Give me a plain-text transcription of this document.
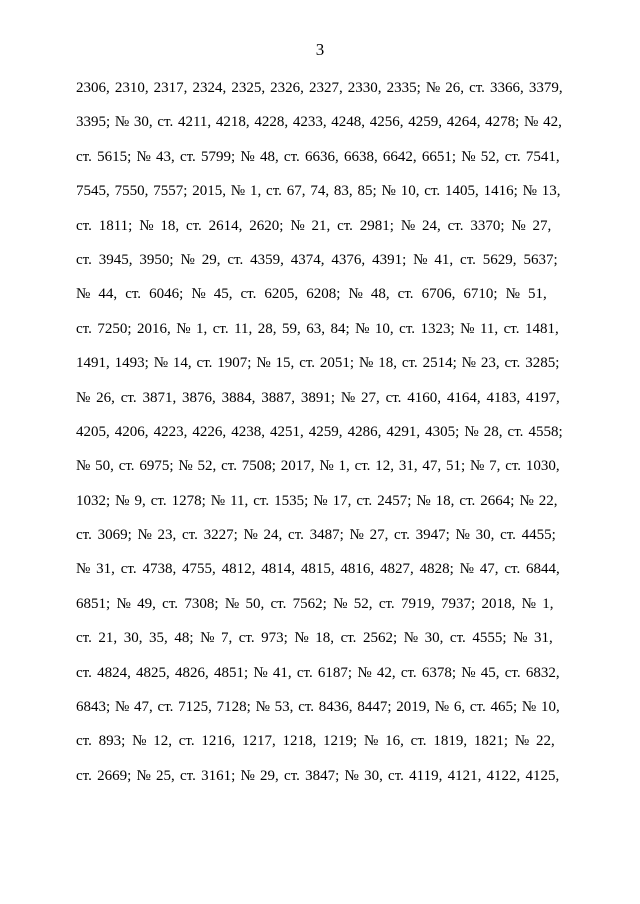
3
2306, 2310, 2317, 2324, 2325, 2326, 2327, 2330, 2335; № 26, ст. 3366, 3379,
3395; № 30, ст. 4211, 4218, 4228, 4233, 4248, 4256, 4259, 4264, 4278; № 42,
ст. 5615; № 43, ст. 5799; № 48, ст. 6636, 6638, 6642, 6651; № 52, ст. 7541,
7545, 7550, 7557; 2015, № 1, ст. 67, 74, 83, 85; № 10, ст. 1405, 1416; № 13,
ст. 1811; № 18, ст. 2614, 2620; № 21, ст. 2981; № 24, ст. 3370; № 27,
ст. 3945, 3950; № 29, ст. 4359, 4374, 4376, 4391; № 41, ст. 5629, 5637;
№ 44, ст. 6046; № 45, ст. 6205, 6208; № 48, ст. 6706, 6710; № 51,
ст. 7250; 2016, № 1, ст. 11, 28, 59, 63, 84; № 10, ст. 1323; № 11, ст. 1481,
1491, 1493; № 14, ст. 1907; № 15, ст. 2051; № 18, ст. 2514; № 23, ст. 3285;
№ 26, ст. 3871, 3876, 3884, 3887, 3891; № 27, ст. 4160, 4164, 4183, 4197,
4205, 4206, 4223, 4226, 4238, 4251, 4259, 4286, 4291, 4305; № 28, ст. 4558;
№ 50, ст. 6975; № 52, ст. 7508; 2017, № 1, ст. 12, 31, 47, 51; № 7, ст. 1030,
1032; № 9, ст. 1278; № 11, ст. 1535; № 17, ст. 2457; № 18, ст. 2664; № 22,
ст. 3069; № 23, ст. 3227; № 24, ст. 3487; № 27, ст. 3947; № 30, ст. 4455;
№ 31, ст. 4738, 4755, 4812, 4814, 4815, 4816, 4827, 4828; № 47, ст. 6844,
6851; № 49, ст. 7308; № 50, ст. 7562; № 52, ст. 7919, 7937; 2018, № 1,
ст. 21, 30, 35, 48; № 7, ст. 973; № 18, ст. 2562; № 30, ст. 4555; № 31,
ст. 4824, 4825, 4826, 4851; № 41, ст. 6187; № 42, ст. 6378; № 45, ст. 6832,
6843; № 47, ст. 7125, 7128; № 53, ст. 8436, 8447; 2019, № 6, ст. 465; № 10,
ст. 893; № 12, ст. 1216, 1217, 1218, 1219; № 16, ст. 1819, 1821; № 22,
ст. 2669; № 25, ст. 3161; № 29, ст. 3847; № 30, ст. 4119, 4121, 4122, 4125,
